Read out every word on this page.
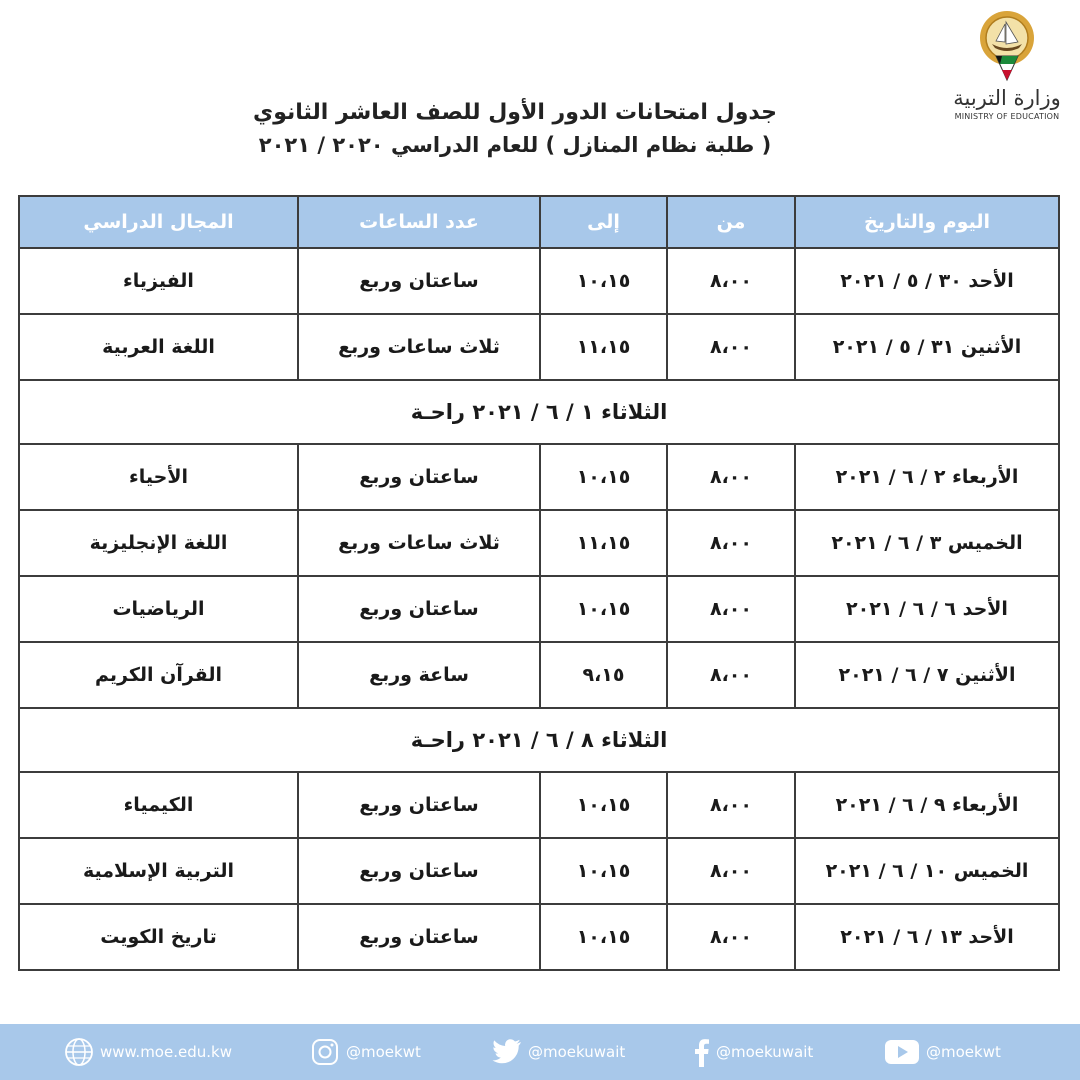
وزارة التربية
MINISTRY OF EDUCATION
جدول امتحانات الدور الأول للصف العاشر الثانوي
( طلبة نظام المنازل ) للعام الدراسي ٢٠٢٠ / ٢٠٢١
اليوم والتاريخ	من	إلى	عدد الساعات	المجال الدراسي
الأحد ٣٠ / ٥ / ٢٠٢١	٨،٠٠	١٠،١٥	ساعتان وربع	الفيزياء
الأثنين ٣١ / ٥ / ٢٠٢١	٨،٠٠	١١،١٥	ثلاث ساعات وربع	اللغة العربية
الثلاثاء ١ / ٦ / ٢٠٢١ راحـة				
الأربعاء ٢ / ٦ / ٢٠٢١	٨،٠٠	١٠،١٥	ساعتان وربع	الأحياء
الخميس ٣ / ٦ / ٢٠٢١	٨،٠٠	١١،١٥	ثلاث ساعات وربع	اللغة الإنجليزية
الأحد ٦ / ٦ / ٢٠٢١	٨،٠٠	١٠،١٥	ساعتان وربع	الرياضيات
الأثنين ٧ / ٦ / ٢٠٢١	٨،٠٠	٩،١٥	ساعة وربع	القرآن الكريم
الثلاثاء ٨ / ٦ / ٢٠٢١ راحـة				
الأربعاء ٩ / ٦ / ٢٠٢١	٨،٠٠	١٠،١٥	ساعتان وربع	الكيمياء
الخميس ١٠ / ٦ / ٢٠٢١	٨،٠٠	١٠،١٥	ساعتان وربع	التربية الإسلامية
الأحد ١٣ / ٦ / ٢٠٢١	٨،٠٠	١٠،١٥	ساعتان وربع	تاريخ الكويت
www.moe.edu.kw	@moekwt	@moekuwait	@moekuwait	@moekwt
